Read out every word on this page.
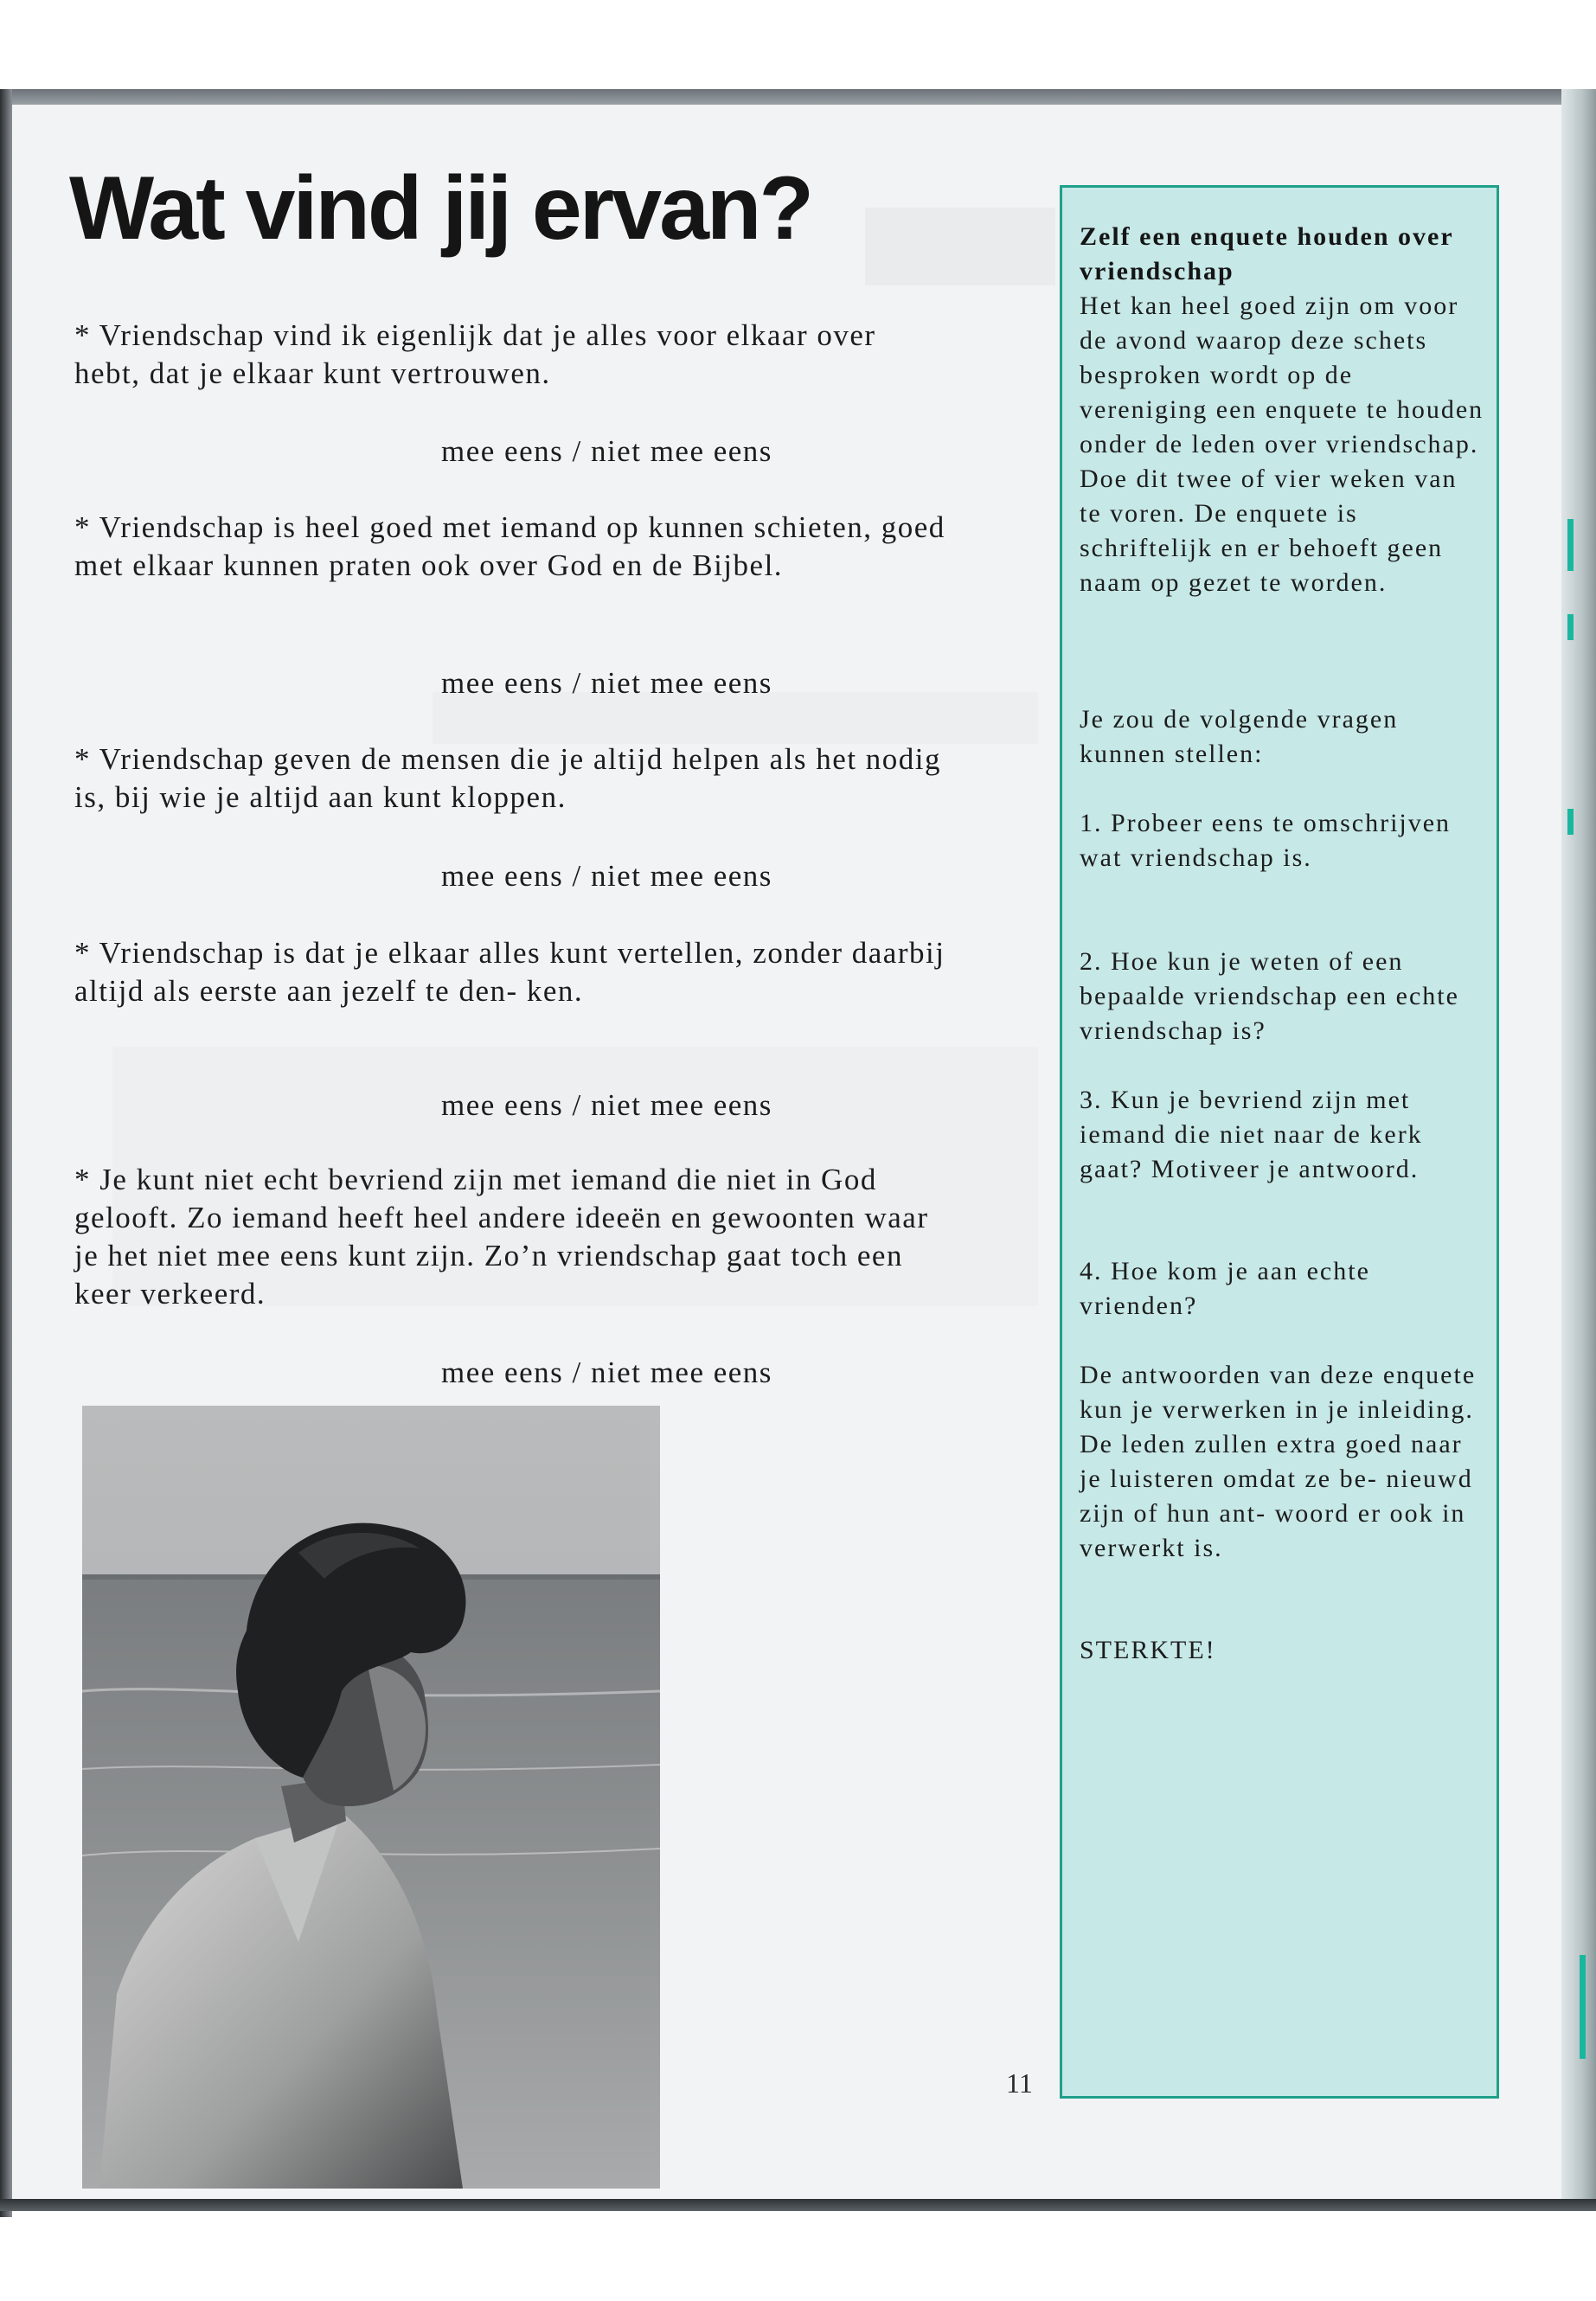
Wat vind jij ervan?

* Vriendschap vind ik eigenlijk dat je alles voor elkaar over hebt, dat je elkaar kunt vertrouwen.

mee eens / niet mee eens

* Vriendschap is heel goed met iemand op kunnen schieten, goed met elkaar kunnen praten ook over God en de Bijbel.

mee eens / niet mee eens

* Vriendschap geven de mensen die je altijd helpen als het nodig is, bij wie je altijd aan kunt kloppen.

mee eens / niet mee eens

* Vriendschap is dat je elkaar alles kunt vertellen, zonder daarbij altijd als eerste aan jezelf te den- ken.

mee eens / niet mee eens

* Je kunt niet echt bevriend zijn met iemand die niet in God gelooft. Zo iemand heeft heel andere ideeën en gewoonten waar je het niet mee eens kunt zijn. Zo’n vriendschap gaat toch een keer verkeerd.

mee eens / niet mee eens

11

Zelf een enquete houden over vriendschap

Het kan heel goed zijn om voor de avond waarop deze schets besproken wordt op de vereniging een enquete te houden onder de leden over vriendschap. Doe dit twee of vier weken van te voren. De enquete is schriftelijk en er behoeft geen naam op gezet te worden.

Je zou de volgende vragen kunnen stellen:

1. Probeer eens te omschrijven wat vriendschap is.

2. Hoe kun je weten of een bepaalde vriendschap een echte vriendschap is?

3. Kun je bevriend zijn met iemand die niet naar de kerk gaat? Motiveer je antwoord.

4. Hoe kom je aan echte vrienden?

De antwoorden van deze enquete kun je verwerken in je inleiding. De leden zullen extra goed naar je luisteren omdat ze be- nieuwd zijn of hun ant- woord er ook in verwerkt is.

STERKTE!
